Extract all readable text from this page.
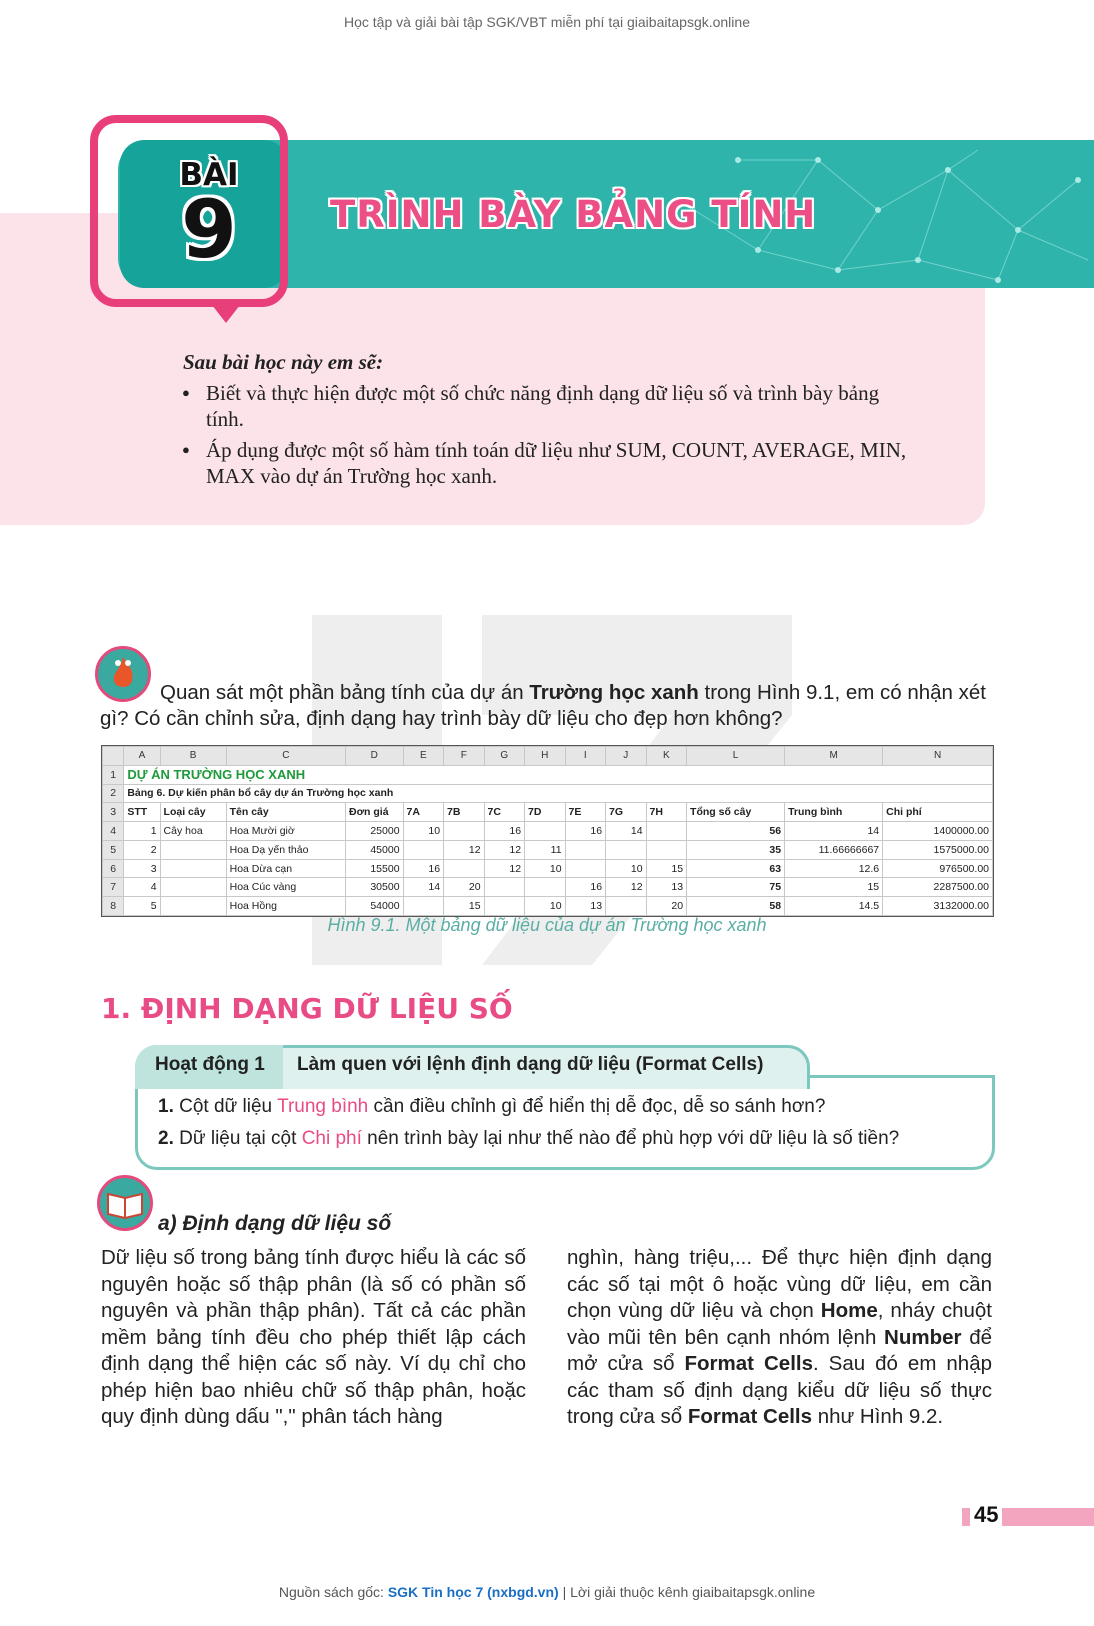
Học tập và giải bài tập SGK/VBT miễn phí tại giaibaitapsgk.online
BÀI
9	TRÌNH BÀY BẢNG TÍNH
Sau bài học này em sẽ:
● Biết và thực hiện được một số chức năng định dạng dữ liệu số và trình bày bảng tính.
● Áp dụng được một số hàm tính toán dữ liệu như SUM, COUNT, AVERAGE, MIN, MAX vào dự án Trường học xanh.
Quan sát một phần bảng tính của dự án Trường học xanh trong Hình 9.1, em có nhận xét gì? Có cần chỉnh sửa, định dạng hay trình bày dữ liệu cho đẹp hơn không?
	A	B	C	D	E	F	G	H	I	J	K	L	M	N
1	DỰ ÁN TRƯỜNG HỌC XANH													
2	Bảng 6. Dự kiến phân bổ cây dự án Trường học xanh													
3	STT	Loại cây	Tên cây	Đơn giá	7A	7B	7C	7D	7E	7G	7H	Tổng số cây	Trung bình	Chi phí
4	1	Cây hoa	Hoa Mười giờ	25000	10		16		16	14		56	14	1400000.00
5	2		Hoa Dạ yến thảo	45000		12	12	11				35	11.66666667	1575000.00
6	3		Hoa Dừa cạn	15500	16		12	10		10	15	63	12.6	976500.00
7	4		Hoa Cúc vàng	30500	14	20			16	12	13	75	15	2287500.00
8	5		Hoa Hồng	54000		15		10	13		20	58	14.5	3132000.00
Hình 9.1. Một bảng dữ liệu của dự án Trường học xanh
1. ĐỊNH DẠNG DỮ LIỆU SỐ
Hoạt động 1 Làm quen với lệnh định dạng dữ liệu (Format Cells)
1. Cột dữ liệu Trung bình cần điều chỉnh gì để hiển thị dễ đọc, dễ so sánh hơn?
2. Dữ liệu tại cột Chi phí nên trình bày lại như thế nào để phù hợp với dữ liệu là số tiền?
a) Định dạng dữ liệu số
Dữ liệu số trong bảng tính được hiểu là các số nguyên hoặc số thập phân (là số có phần số nguyên và phần thập phân). Tất cả các phần mềm bảng tính đều cho phép thiết lập cách định dạng thể hiện các số này. Ví dụ chỉ cho phép hiện bao nhiêu chữ số thập phân, hoặc quy định dùng dấu "," phân tách hàng
nghìn, hàng triệu,... Để thực hiện định dạng các số tại một ô hoặc vùng dữ liệu, em cần chọn vùng dữ liệu và chọn Home, nháy chuột vào mũi tên bên cạnh nhóm lệnh Number để mở cửa sổ Format Cells. Sau đó em nhập các tham số định dạng kiểu dữ liệu số thực trong cửa sổ Format Cells như Hình 9.2.
45
Nguồn sách gốc: SGK Tin học 7 (nxbgd.vn) | Lời giải thuộc kênh giaibaitapsgk.online
